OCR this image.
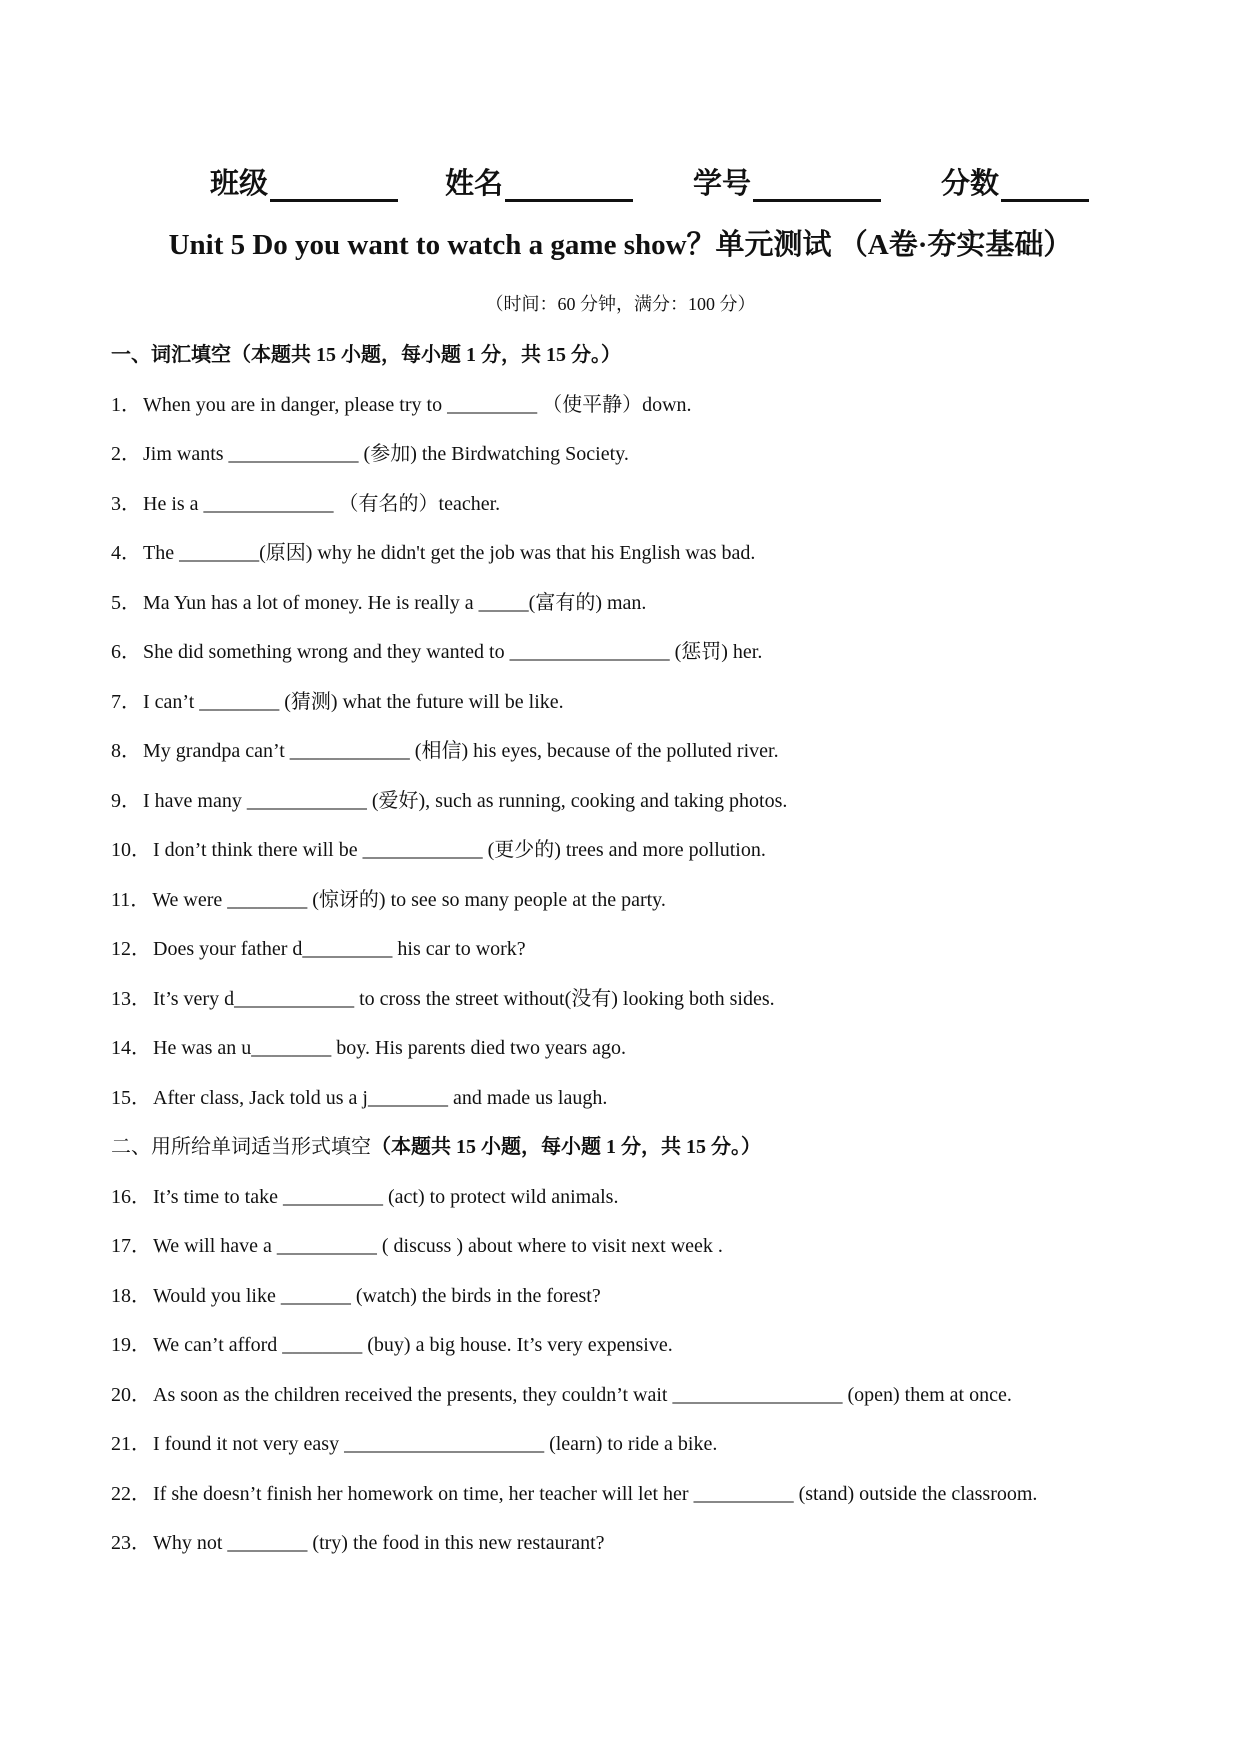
班级	姓名	学号	分数
Unit 5 Do you want to watch a game show？单元测试 （A卷·夯实基础）
（时间：60 分钟，满分：100 分）
一、词汇填空（本题共 15 小题，每小题 1 分，共 15 分。）
1． When you are in danger, please try to _________ （使平静）down.
2． Jim wants _____________ (参加) the Birdwatching Society.
3． He is a _____________ （有名的）teacher.
4． The ________(原因) why he didn't get the job was that his English was bad.
5． Ma Yun has a lot of money. He is really a _____(富有的) man.
6． She did something wrong and they wanted to ________________ (惩罚) her.
7． I can’t ________ (猜测) what the future will be like.
8． My grandpa can’t ____________ (相信) his eyes, because of the polluted river.
9． I have many ____________ (爱好), such as running, cooking and taking photos.
10． I don’t think there will be ____________ (更少的) trees and more pollution.
11． We were ________ (惊讶的) to see so many people at the party.
12． Does your father d_________ his car to work?
13． It’s very d____________ to cross the street without(没有) looking both sides.
14． He was an u________ boy. His parents died two years ago.
15． After class, Jack told us a j________ and made us laugh.
二、用所给单词适当形式填空（本题共 15 小题，每小题 1 分，共 15 分。）
16． It’s time to take __________ (act) to protect wild animals.
17． We will have a __________ ( discuss ) about where to visit next week .
18． Would you like _______ (watch) the birds in the forest?
19． We can’t afford ________ (buy) a big house. It’s very expensive.
20． As soon as the children received the presents, they couldn’t wait _________________ (open) them at once.
21． I found it not very easy ____________________ (learn) to ride a bike.
22． If she doesn’t finish her homework on time, her teacher will let her __________ (stand) outside the classroom.
23． Why not ________ (try) the food in this new restaurant?
